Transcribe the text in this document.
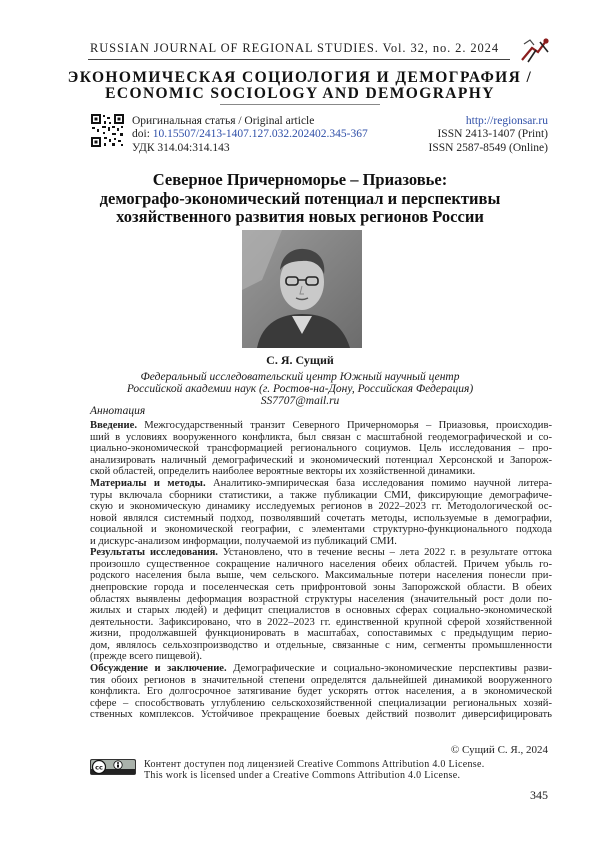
RUSSIAN JOURNAL OF REGIONAL STUDIES. Vol. 32, no. 2. 2024
ЭКОНОМИЧЕСКАЯ СОЦИОЛОГИЯ И ДЕМОГРАФИЯ /
ECONOMIC SOCIOLOGY AND DEMOGRAPHY
Оригинальная статья / Original article
doi: 10.15507/2413-1407.127.032.202402.345-367
УДК 314.04:314.143
http://regionsar.ru
ISSN 2413-1407 (Print)
ISSN 2587-8549 (Online)
Северное Причерноморье – Приазовье:
демографо-экономический потенциал и перспективы
хозяйственного развития новых регионов России
С. Я. Сущий
Федеральный исследовательский центр Южный научный центр
Российской академии наук (г. Ростов-на-Дону, Российская Федерация)
SS7707@mail.ru
Аннотация
Введение. Межгосударственный транзит Северного Причерноморья – Приазовья, происходив-
ший в условиях вооруженного конфликта, был связан с масштабной геодемографической и со-
циально-экономической трансформацией регионального социумов. Цель исследования – про-
анализировать наличный демографический и экономический потенциал Херсонской и Запорож-
ской областей, определить наиболее вероятные векторы их хозяйственной динамики.
Материалы и методы. Аналитико-эмпирическая база исследования помимо научной литера-
туры включала сборники статистики, а также публикации СМИ, фиксирующие демографиче-
скую и экономическую динамику исследуемых регионов в 2022–2023 гг. Методологической ос-
новой являлся системный подход, позволявший сочетать методы, используемые в демографии,
социальной и экономической географии, с элементами структурно-функционального подхода
и дискурс-анализом информации, получаемой из публикаций СМИ.
Результаты исследования. Установлено, что в течение весны – лета 2022 г. в результате оттока
произошло существенное сокращение наличного населения обеих областей. Причем убыль го-
родского населения была выше, чем сельского. Максимальные потери населения понесли при-
днепровские города и поселенческая сеть прифронтовой зоны Запорожской области. В обеих
областях выявлены деформация возрастной структуры населения (значительный рост доли по-
жилых и старых людей) и дефицит специалистов в основных сферах социально-экономической
деятельности. Зафиксировано, что в 2022–2023 гг. единственной крупной сферой хозяйственной
жизни, продолжавшей функционировать в масштабах, сопоставимых с предыдущим перио-
дом, являлось сельхозпроизводство и отдельные, связанные с ним, сегменты промышленности
(прежде всего пищевой).
Обсуждение и заключение. Демографические и социально-экономические перспективы разви-
тия обоих регионов в значительной степени определятся дальнейшей динамикой вооруженного
конфликта. Его долгосрочное затягивание будет ускорять отток населения, а в экономической
сфере – способствовать углублению сельскохозяйственной специализации региональных хозяй-
ственных комплексов. Устойчивое прекращение боевых действий позволит диверсифицировать
© Сущий С. Я., 2024
cc	Контент доступен под лицензией Creative Commons Attribution 4.0 License.
This work is licensed under a Creative Commons Attribution 4.0 License.
345
